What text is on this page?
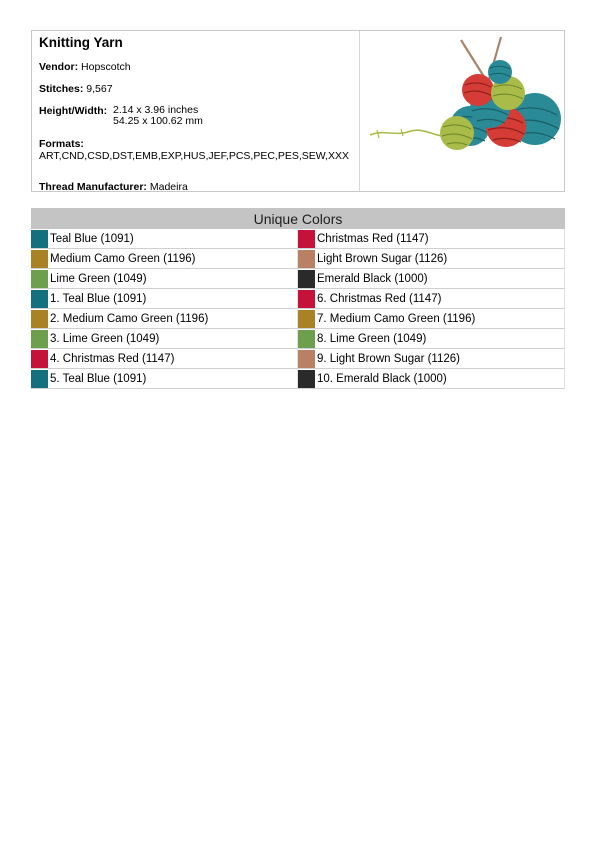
Knitting Yarn
Vendor: Hopscotch
Stitches: 9,567
Height/Width: 2.14 x 3.96 inches
54.25 x 100.62 mm
Formats:
ART,CND,CSD,DST,EMB,EXP,HUS,JEF,PCS,PEC,PES,SEW,XXX
Thread Manufacturer: Madeira
Unique Colors
Teal Blue (1091)
Medium Camo Green (1196)
Lime Green (1049)
1. Teal Blue (1091)
2. Medium Camo Green (1196)
3. Lime Green (1049)
4. Christmas Red (1147)
5. Teal Blue (1091)
Christmas Red (1147)
Light Brown Sugar (1126)
Emerald Black (1000)
6. Christmas Red (1147)
7. Medium Camo Green (1196)
8. Lime Green (1049)
9. Light Brown Sugar (1126)
10. Emerald Black (1000)
